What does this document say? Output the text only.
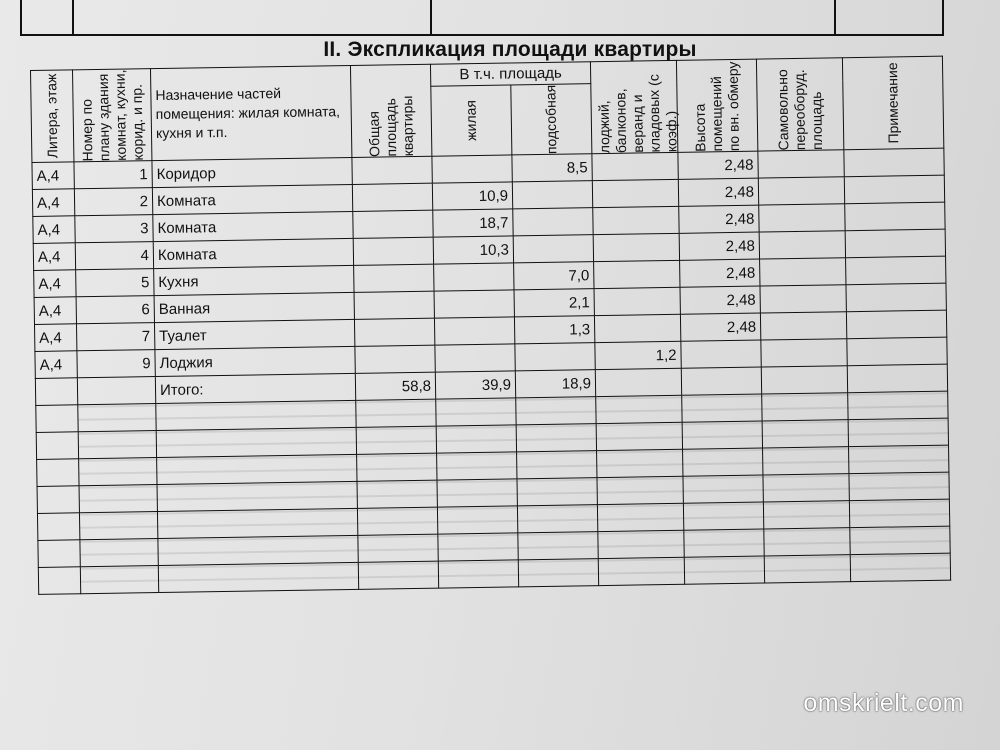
II. Экспликация площади квартиры
Литера, этаж	Номер по плану здания комнат, кухни, корид. и пр.	Назначение частей помещения: жилая комната, кухня и т.п.	Общая площадь квартиры	В т.ч. площадь		лоджий, балконов, веранд и кладовых (с коэф.)	Высота помещений по вн. обмеру	Самовольно переоборуд. площадь	Примечание

				жилая	подсобная				

А,4	1	Коридор			8,5		2,48		
А,4	2	Комната		10,9			2,48		
А,4	3	Комната		18,7			2,48		
А,4	4	Комната		10,3			2,48		
А,4	5	Кухня			7,0		2,48		
А,4	6	Ванная			2,1		2,48		
А,4	7	Туалет			1,3		2,48		
А,4	9	Лоджия				1,2			
		Итого:	58,8	39,9	18,9				

omskrielt.com
